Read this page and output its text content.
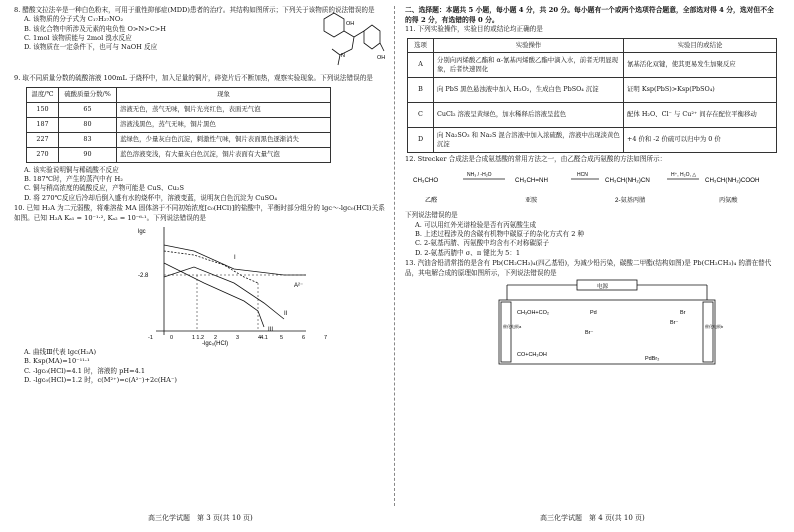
8. 醋酸文拉法辛是一种白色粉末，可用于重性抑郁症(MDD)患者的治疗。其结构如图所示；下列关于该物质的说法错误的是
A. 该物质的分子式为 C₁₇H₂₇NO₂
B. 该化合物中所涉及元素的电负性 O>N>C>H
C. 1mol 该物质能与 2mol 溴水反应
D. 该物质在一定条件下，也可与 NaOH 反应
OH
N	OH
9. 取不同质量分数的硫酸溶液 100mL 于烧杯中，加入足量的铜片，碎瓷片后不断加热，观察实验现象。下列说法错误的是
温度/℃	硫酸质量分数/%	现象
150	65	溶液无色，蒸气无味，铜片光亮红色，表面无气泡
187	80	溶液浅黑色，蒸气无味，铜片黑色
227	83	蓝绿色，少量灰白色沉淀，刺激性气味，铜片表面黑色逐渐消失
270	90	蓝色溶液变浅，有大量灰白色沉淀，铜片表面有大量气泡
A. 该实验说明铜与稀硫酸不反应
B. 187℃时，产生的蒸汽中有 H₂
C. 铜与稍高浓度的硫酸反应，产物可能是 CuS、Cu₂S
D. 将 270℃反应后冷却后倒入盛有水的烧杯中，溶液变蓝，说明灰白色沉淀为 CuSO₄
10. 已知 H₂A 为二元弱酸，将难溶盐 MA 固体溶于不同初始浓度[c₀(HCl)]的盐酸中，平衡时部分组分的 lgc～-lgc₀(HCl)关系如图。已知 H₂A Kₐ₁ = 10⁻¹·², Kₐ₂ = 10⁻⁶·¹。下列说法错误的是
lgc
-2.8
-lgc₀(HCl)
I
II
III
A²⁻
-1	0	1 1.2 2	3	4 4.1 5	6	7
A. 曲线Ⅲ代表 lgc(H₂A)
B. Ksp(MA)=10⁻¹¹·¹
C. -lgc₀(HCl)=4.1 时，溶液的 pH=4.1
D. -lgc₀(HCl)=1.2 时，c(M²⁺)=c(A²⁻)+2c(HA⁻)
高三化学试题　第 3 页(共 10 页)
二、选择题：本题共 5 小题，每小题 4 分，共 20 分。每小题有一个或两个选项符合题意，全部选对得 4 分，选对但不全的得 2 分，有选错的得 0 分。
11. 下列实验操作，实验目的或结论均正确的是
选项	实验操作	实验目的或结论
A	分别向丙烯酸乙酯和 α-氰基丙烯酸乙酯中滴入水，前者无明显现象，后者快速固化	氰基活化双键，使其更易发生加聚反应
B	向 PbS 黑色悬浊液中加入 H₂O₂，生成白色 PbSO₄ 沉淀	证明 Ksp(PbS)>Ksp(PbSO₄)
C	CuCl₂ 溶液呈黄绿色，加水稀释后溶液呈蓝色	配体 H₂O、Cl⁻ 与 Cu²⁺ 间存在配位平衡移动
D	向 Na₂SO₃ 和 Na₂S 混合溶液中加入浓硫酸，溶液中出现淡黄色沉淀	+4 价和 -2 价硫可以归中为 0 价
12. Strecker 合成法是合成氨基酸的常用方法之一，由乙醛合成丙氨酸的方法如图所示：
CH₃CHO
NH₃ / -H₂O
CH₃CH=NH
HCN
CH₃CH(NH₂)CN
H⁺, H₂O, △
CH₃CH(NH₂)COOH
乙醛	亚胺	2-氨基丙腈	丙氨酸
下列说法错误的是
A. 可以用红外光谱检验是否有丙氨酸生成
B. 上述过程涉及的含碳有机物中碳原子的杂化方式有 2 种
C. 2-氨基丙腈、丙氨酸中均含有不对称碳原子
D. 2-氨基丙腈中 σ、π 键比为 5：1
13. 汽油含铅清常指的是含有 Pb(CH₂CH₃)₄(四乙基铅)，为减少铅污染，碳酸二甲酯(结构如图)是 Pb(CH₂CH₃)₄ 的潜在替代品，其电解合成的原理如图所示，下列说法错误的是
电源
催化电极a	催化电极b
CH₃OH+CO₂
CO+CH₃OH
Pd
Br⁻
Br⁻
PdBr₂
Br
高三化学试题　第 4 页(共 10 页)
